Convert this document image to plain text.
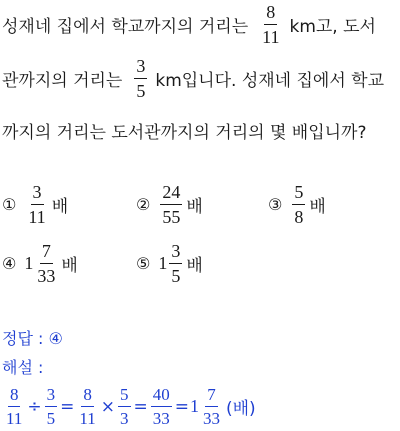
성재네 집에서 학교까지의 거리는 $\frac{8}{11}$ km고, 도서
관까지의 거리는 $\frac{3}{5}$ km입니다. 성재네 집에서 학교
까지의 거리는 도서관까지의 거리의 몇 배입니까?
① $\frac{3}{11}$ 배	② $\frac{24}{55}$ 배	③ $\frac{5}{8}$ 배
④ $1 \frac{7}{33}$ 배	⑤ $1 \frac{3}{5}$ 배
정답 : ④
해설 :
$\frac{8}{11} \div \frac{3}{5} = \frac{8}{11} \times \frac{5}{3} = \frac{40}{33} = 1 \frac{7}{33}$ (배)
